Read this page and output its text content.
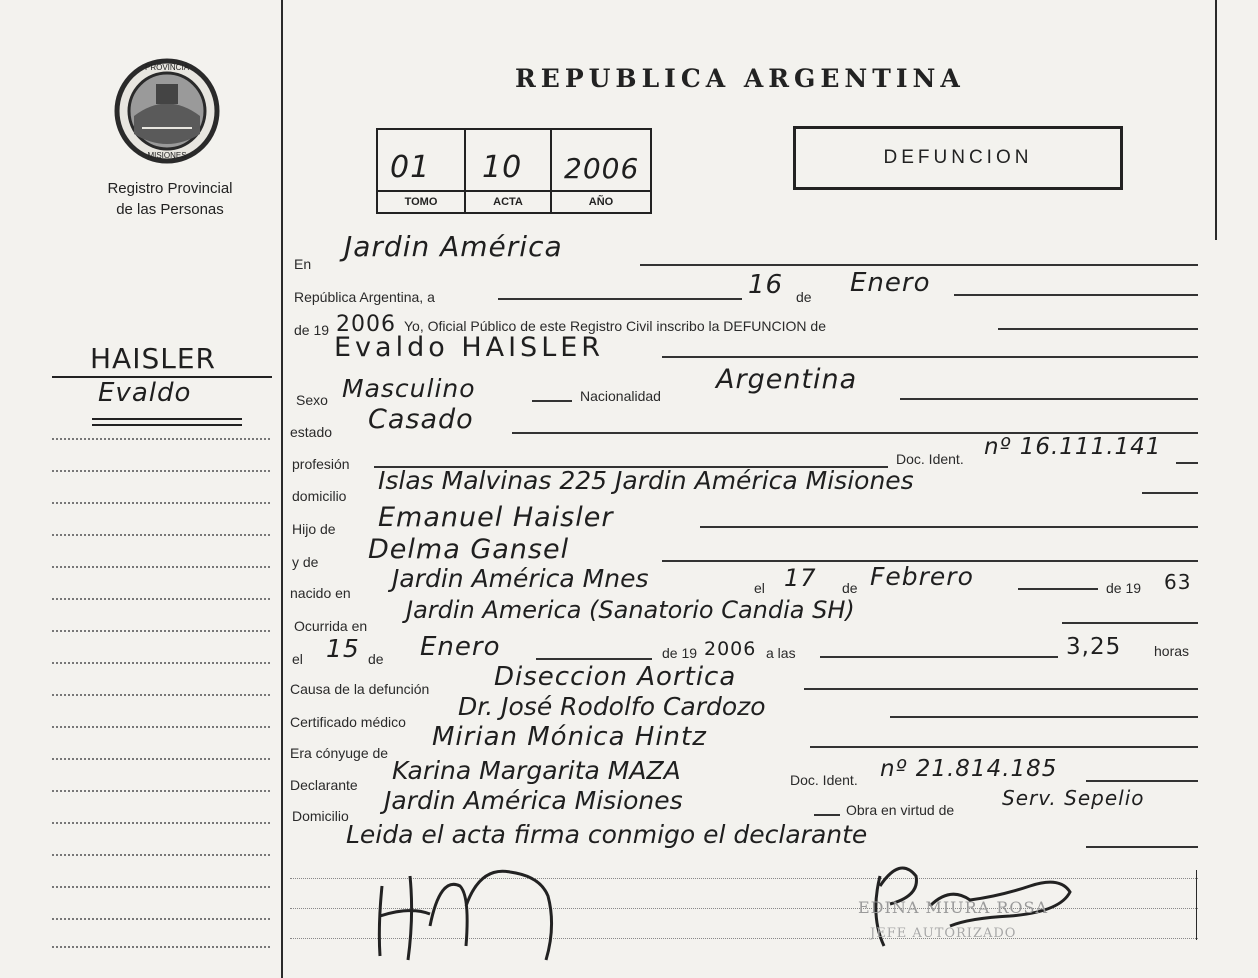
PROVINCIA
MISIONES
Registro Provincial
de las Personas
REPUBLICA ARGENTINA
01 10 2006
TOMO	ACTA	AÑO
DEFUNCION
HAISLER
Evaldo
En
Jardin América
República Argentina, a	16 de Enero
de 19 2006 Yo, Oficial Público de este Registro Civil inscribo la DEFUNCION de
Evaldo HAISLER
Sexo Masculino	Nacionalidad
Argentina
estado Casado
profesión	Doc. Ident. nº 16.111.141
domicilio
Islas Malvinas 225 Jardin América Misiones
Hijo de Emanuel Haisler
y de Delma Gansel
nacido en Jardin América Mnes	el 17 de Febrero	de 19 63
Ocurrida en
Jardin America (Sanatorio Candia SH)
el 15 de Enero	de 19 2006 a las	3,25 horas
Causa de la defunción Diseccion Aortica
Certificado médico
Dr. José Rodolfo Cardozo
Era cónyuge de
Mirian Mónica Hintz
Declarante Karina Margarita MAZA	Doc. Ident. nº 21.814.185
Domicilio
Jardin América Misiones	Obra en virtud de Serv. Sepelio
Leida el acta firma conmigo el declarante
EDINA MIURA ROSA
JEFE AUTORIZADO
